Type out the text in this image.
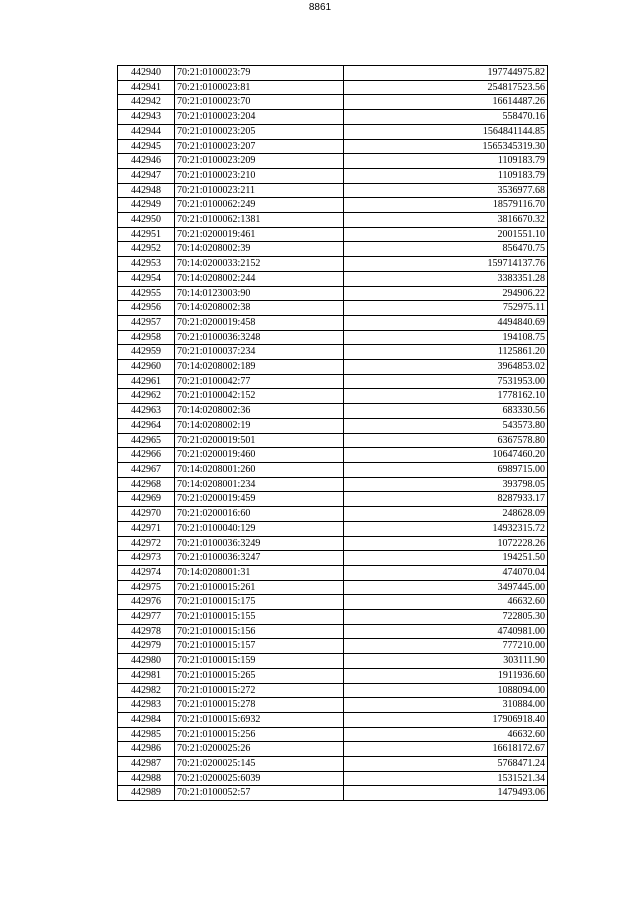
8861
442940	70:21:0100023:79	197744975.82
442941	70:21:0100023:81	254817523.56
442942	70:21:0100023:70	16614487.26
442943	70:21:0100023:204	558470.16
442944	70:21:0100023:205	1564841144.85
442945	70:21:0100023:207	1565345319.30
442946	70:21:0100023:209	1109183.79
442947	70:21:0100023:210	1109183.79
442948	70:21:0100023:211	3536977.68
442949	70:21:0100062:249	18579116.70
442950	70:21:0100062:1381	3816670.32
442951	70:21:0200019:461	2001551.10
442952	70:14:0208002:39	856470.75
442953	70:14:0200033:2152	159714137.76
442954	70:14:0208002:244	3383351.28
442955	70:14:0123003:90	294906.22
442956	70:14:0208002:38	752975.11
442957	70:21:0200019:458	4494840.69
442958	70:21:0100036:3248	194108.75
442959	70:21:0100037:234	1125861.20
442960	70:14:0208002:189	3964853.02
442961	70:21:0100042:77	7531953.00
442962	70:21:0100042:152	1778162.10
442963	70:14:0208002:36	683330.56
442964	70:14:0208002:19	543573.80
442965	70:21:0200019:501	6367578.80
442966	70:21:0200019:460	10647460.20
442967	70:14:0208001:260	6989715.00
442968	70:14:0208001:234	393798.05
442969	70:21:0200019:459	8287933.17
442970	70:21:0200016:60	248628.09
442971	70:21:0100040:129	14932315.72
442972	70:21:0100036:3249	1072228.26
442973	70:21:0100036:3247	194251.50
442974	70:14:0208001:31	474070.04
442975	70:21:0100015:261	3497445.00
442976	70:21:0100015:175	46632.60
442977	70:21:0100015:155	722805.30
442978	70:21:0100015:156	4740981.00
442979	70:21:0100015:157	777210.00
442980	70:21:0100015:159	303111.90
442981	70:21:0100015:265	1911936.60
442982	70:21:0100015:272	1088094.00
442983	70:21:0100015:278	310884.00
442984	70:21:0100015:6932	17906918.40
442985	70:21:0100015:256	46632.60
442986	70:21:0200025:26	16618172.67
442987	70:21:0200025:145	5768471.24
442988	70:21:0200025:6039	1531521.34
442989	70:21:0100052:57	1479493.06
